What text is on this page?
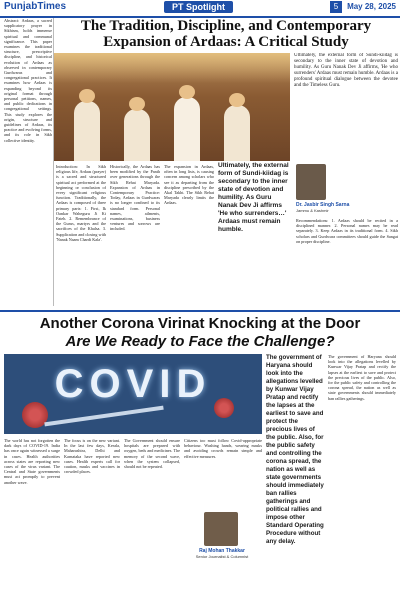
PunjabTimes	PT Spotlight	5	May 28, 2025
Abstract: Ardaas, a sacred supplicatory prayer in Sikhism, holds immense spiritual and communal significance. This paper examines the traditional structure, prescriptive discipline, and historical evolution of Ardaas as observed in contemporary Gurdwaras and congregational practices. It examines how Ardaas is expanding beyond its original format through personal petitions, names, and public dedications in congregational settings. This study explores the origin, structure and guidelines of Ardaas, its practice and evolving forms, and its role in Sikh collective identity.
The Tradition, Discipline, and Contemporary Expansion of Ardaas: A Critical Study
Ultimately, the external form of Sundi-kiidag is secondary to the inner state of devotion and humility. As Guru Nanak Dev Ji affirms, 'He who surrenders' Ardaas must remain humble. Ardaas is a profound spiritual dialogue between the devotee and the Timeless Guru.
Introduction: In Sikh religious life, Ardaas (prayer) is a sacred and structured spiritual act performed at the beginning or conclusion of every significant religious function. Traditionally, the Ardaas is composed of three primary parts: 1. First, Ik Oankar Waheguru Ji Ki Fateh. 2. Remembrance of the Gurus, martyrs and the sacrifices of the Khalsa. 3. Supplication and closing with 'Nanak Naam Chardi Kala'.
Historically, the Ardaas has been modified by the Panth over generations through the Sikh Rehat Maryada. Expansion of Ardaas in Contemporary Practice: Today, Ardaas in Gurdwaras is no longer confined to its standard form. Personal names, ailments, examinations, business ventures and sorrows are included.
The expansion in Ardaas, often in long lists, is causing concern among scholars who see it as departing from the discipline prescribed by the Akal Takht. The Sikh Rehat Maryada clearly limits the Ardaas.
Ultimately, the external form of Sundi-kiidag is secondary to the inner state of devotion and humility. As Guru Nanak Dev Ji affirms 'He who surrenders…' Ardaas must remain humble.
Dr. Jasbir Singh Sarna
Jammu & Kashmir
Recommendations: 1. Ardaas should be recited in a disciplined manner. 2. Personal names may be read separately. 3. Keep Ardaas in its traditional form. 4. Sikh scholars and Gurdwara committees should guide the Sangat on proper discipline.
Another Corona Virinat Knocking at the Door
Are We Ready to Face the Challenge?
COVID
The government of Haryana should look into the allegations levelled by Kunwar Vijay Pratap and rectify the lapses at the earliest to save and protect the precious lives of the public. Also, for the public safety and controlling the corona spread, the nation as well as state governments should immediately ban rallies gatherings and political rallies and impose other Standard Operating Procedure without any delay.
The world has not forgotten the dark days of COVID-19. India has once again witnessed a surge in cases. Health authorities across states are reporting new cases of the virus variant. The Central and State governments must act promptly to prevent another wave.
The focus is on the new variant. In the last few days, Kerala, Maharashtra, Delhi and Karnataka have reported new cases. Health experts call for caution, masks and vaccines in crowded places.
The Government should ensure hospitals are prepared with oxygen, beds and medicines. The memory of the second wave, when the system collapsed, should not be repeated.
Citizens too must follow Covid-appropriate behaviour. Washing hands, wearing masks and avoiding crowds remain simple and effective measures.
Raj Mohan Thakkar
Senior Journalist & Columnist
The government of Haryana should look into the allegations levelled by Kunwar Vijay Pratap and rectify the lapses at the earliest to save and protect the precious lives of the public. Also, for the public safety and controlling the corona spread, the nation as well as state governments should immediately ban rallies gatherings.
